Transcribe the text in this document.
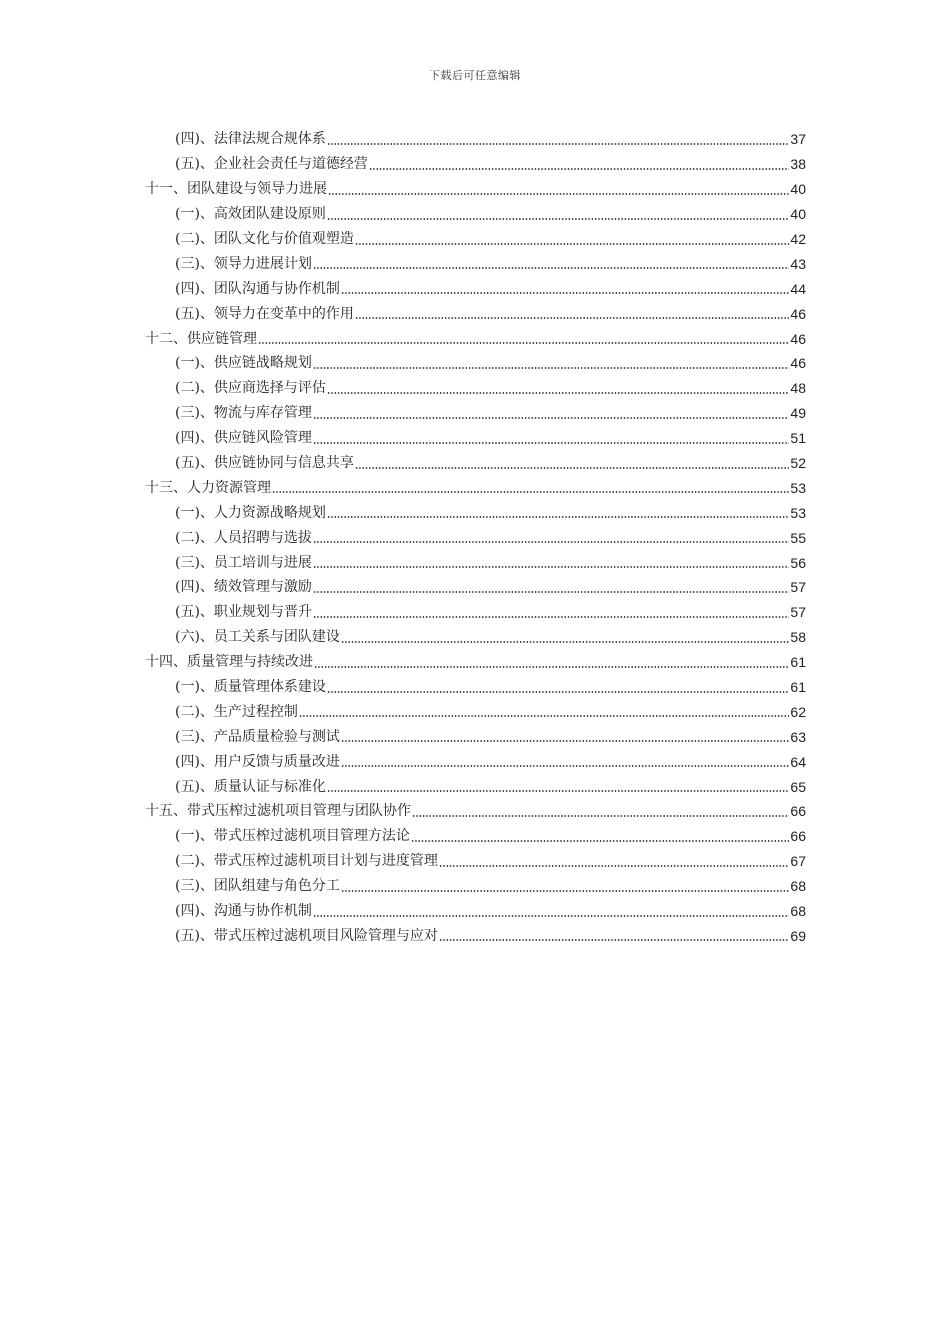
下载后可任意编辑
(四)、法律法规合规体系	37
(五)、企业社会责任与道德经营	38
十一、团队建设与领导力进展	40
(一)、高效团队建设原则	40
(二)、团队文化与价值观塑造	42
(三)、领导力进展计划	43
(四)、团队沟通与协作机制	44
(五)、领导力在变革中的作用	46
十二、供应链管理	46
(一)、供应链战略规划	46
(二)、供应商选择与评估	48
(三)、物流与库存管理	49
(四)、供应链风险管理	51
(五)、供应链协同与信息共享	52
十三、人力资源管理	53
(一)、人力资源战略规划	53
(二)、人员招聘与选拔	55
(三)、员工培训与进展	56
(四)、绩效管理与激励	57
(五)、职业规划与晋升	57
(六)、员工关系与团队建设	58
十四、质量管理与持续改进	61
(一)、质量管理体系建设	61
(二)、生产过程控制	62
(三)、产品质量检验与测试	63
(四)、用户反馈与质量改进	64
(五)、质量认证与标准化	65
十五、带式压榨过滤机项目管理与团队协作	66
(一)、带式压榨过滤机项目管理方法论	66
(二)、带式压榨过滤机项目计划与进度管理	67
(三)、团队组建与角色分工	68
(四)、沟通与协作机制	68
(五)、带式压榨过滤机项目风险管理与应对	69
